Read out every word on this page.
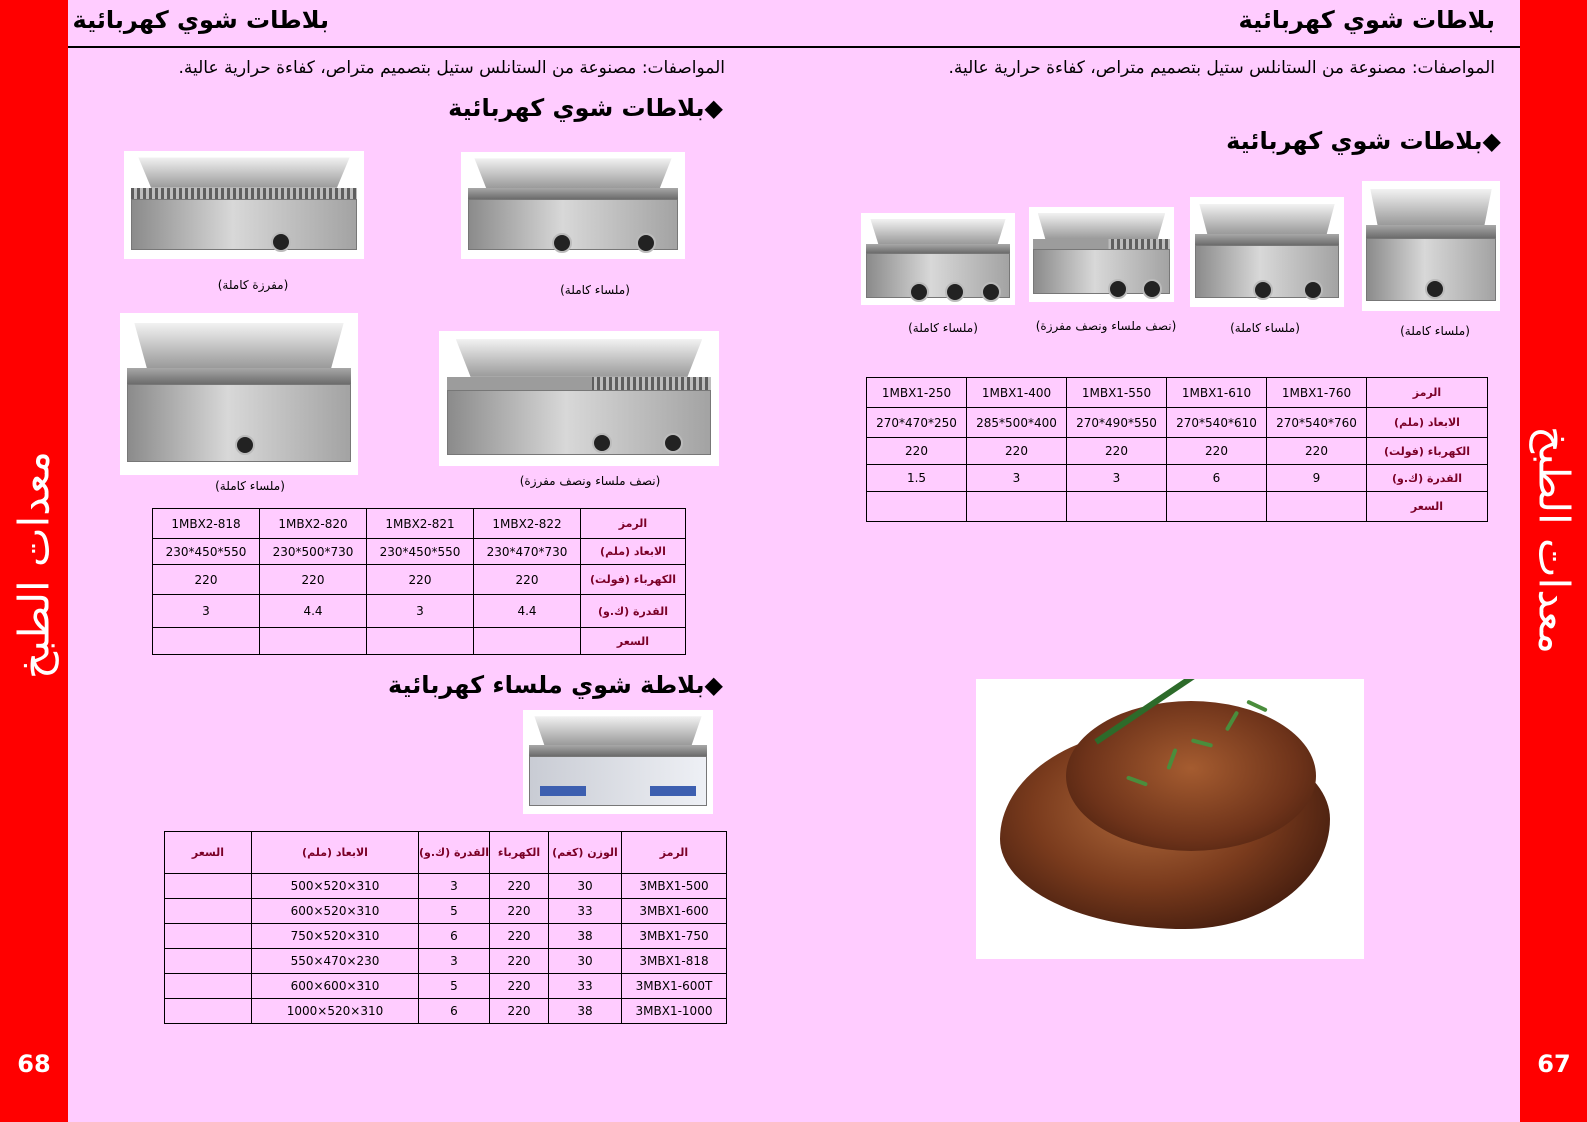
معدات الطبخ
68
معدات الطبخ
67
بلاطات شوي كهربائية	بلاطات شوي كهربائية
المواصفات: مصنوعة من الستانلس ستيل بتصميم متراص، كفاءة حرارية عالية.	المواصفات: مصنوعة من الستانلس ستيل بتصميم متراص، كفاءة حرارية عالية.
◆بلاطات شوي كهربائية
(مفرزة كاملة)	(ملساء كاملة)
(ملساء كاملة)	(نصف ملساء ونصف مفرزة)
الرمز	1MBX2-822	1MBX2-821	1MBX2-820	1MBX2-818
الابعاد (ملم)	730*470*230	550*450*230	730*500*230	550*450*230
الكهرباء (فولت)	220	220	220	220
القدرة (ك.و)	4.4	3	4.4	3
السعر				
◆بلاطة شوي ملساء كهربائية
الرمز	الوزن (كغم)	الكهرباء	القدرة (ك.و)	الابعاد (ملم)	السعر
3MBX1-500	30	220	3	310×520×500	
3MBX1-600	33	220	5	310×520×600	
3MBX1-750	38	220	6	310×520×750	
3MBX1-818	30	220	3	230×470×550	
3MBX1-600T	33	220	5	310×600×600	
3MBX1-1000	38	220	6	310×520×1000	
◆بلاطات شوي كهربائية
(ملساء كاملة)	(ملساء كاملة)
(نصف ملساء ونصف مفرزة)	(ملساء كاملة)
الرمز	1MBX1-760	1MBX1-610	1MBX1-550	1MBX1-400	1MBX1-250
الابعاد (ملم)	760*540*270	610*540*270	550*490*270	400*500*285	250*470*270
الكهرباء (فولت)	220	220	220	220	220
القدرة (ك.و)	9	6	3	3	1.5
السعر					
